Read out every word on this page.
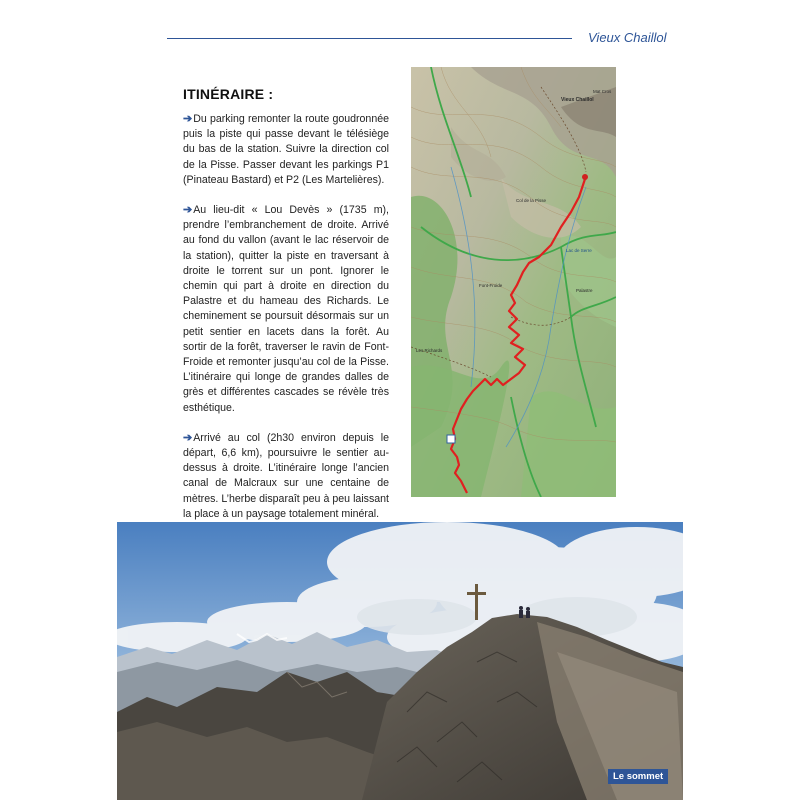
Vieux Chaillol
ITINÉRAIRE :

➔Du parking remonter la route goudronnée puis la piste qui passe devant le télésiège du bas de la station. Suivre la direction col de la Pisse. Passer devant les parkings P1 (Pinateau Bastard) et P2 (Les Martelières).

➔Au lieu-dit « Lou Devès » (1735 m), prendre l’embranchement de droite. Arrivé au fond du vallon (avant le lac réservoir de la station), quitter la piste en traversant à droite le torrent sur un pont. Ignorer le chemin qui part à droite en direction du Palastre et du hameau des Richards. Le cheminement se poursuit désormais sur un petit sentier en lacets dans la forêt. Au sortir de la forêt, traverser le ravin de Font-Froide et remonter jusqu’au col de la Pisse. L’itinéraire qui longe de grandes dalles de grès et différentes cascades se révèle très esthétique.

➔Arrivé au col (2h30 environ depuis le départ, 6,6 km), poursuivre le sentier au-dessus à droite. L’itinéraire longe l’ancien canal de Malcraux sur une centaine de mètres. L’herbe disparaît peu à peu laissant la place à un paysage totalement minéral.

Vieux Chaillol
Mat Cros
Col de la Pisse
Lac de Serre
Palastre
Les Richards
Font-Froide
Le sommet
